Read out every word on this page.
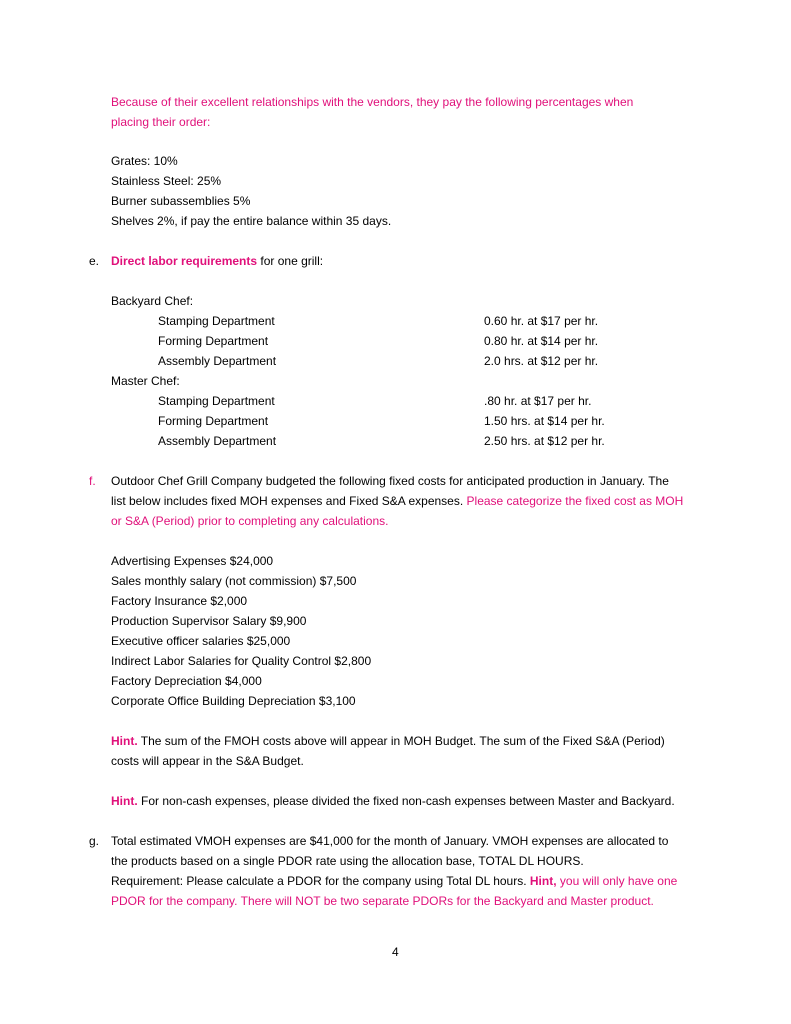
Because of their excellent relationships with the vendors, they pay the following percentages when
placing their order:
Grates: 10%
Stainless Steel: 25%
Burner subassemblies 5%
Shelves 2%, if pay the entire balance within 35 days.
e. Direct labor requirements for one grill:
Backyard Chef:
Stamping Department	0.60 hr. at $17 per hr.
Forming Department	0.80 hr. at $14 per hr.
Assembly Department	2.0 hrs. at $12 per hr.
Master Chef:
Stamping Department	.80 hr. at $17 per hr.
Forming Department	1.50 hrs. at $14 per hr.
Assembly Department	2.50 hrs. at $12 per hr.
f. Outdoor Chef Grill Company budgeted the following fixed costs for anticipated production in January. The
list below includes fixed MOH expenses and Fixed S&A expenses. Please categorize the fixed cost as MOH
or S&A (Period) prior to completing any calculations.
Advertising Expenses $24,000
Sales monthly salary (not commission) $7,500
Factory Insurance $2,000
Production Supervisor Salary $9,900
Executive officer salaries $25,000
Indirect Labor Salaries for Quality Control $2,800
Factory Depreciation $4,000
Corporate Office Building Depreciation $3,100
Hint. The sum of the FMOH costs above will appear in MOH Budget. The sum of the Fixed S&A (Period)
costs will appear in the S&A Budget.
Hint. For non-cash expenses, please divided the fixed non-cash expenses between Master and Backyard.
g. Total estimated VMOH expenses are $41,000 for the month of January. VMOH expenses are allocated to
the products based on a single PDOR rate using the allocation base, TOTAL DL HOURS.
Requirement: Please calculate a PDOR for the company using Total DL hours. Hint, you will only have one
PDOR for the company. There will NOT be two separate PDORs for the Backyard and Master product.
4
